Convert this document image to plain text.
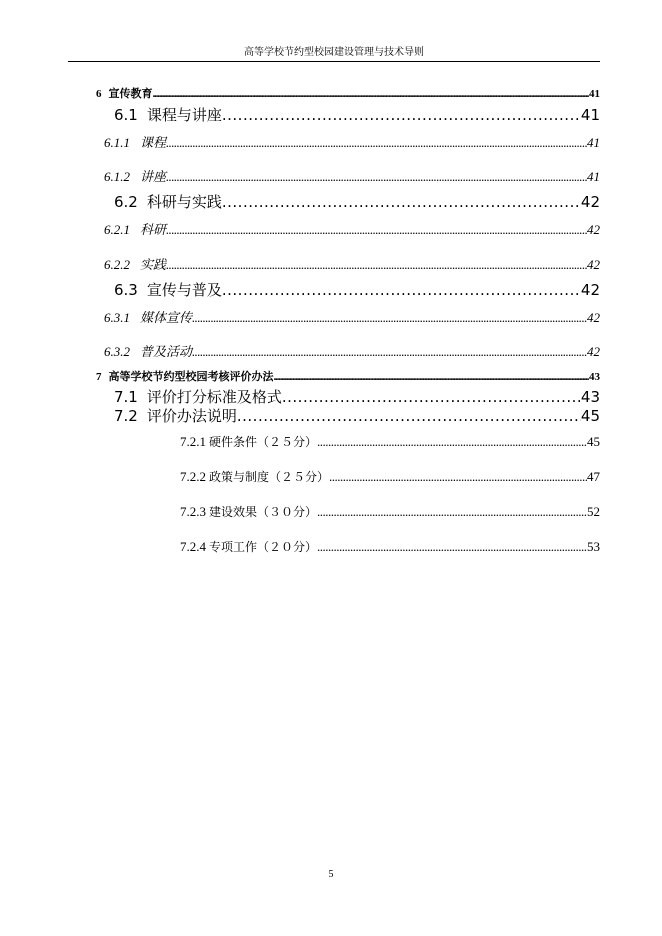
高等学校节约型校园建设管理与技术导则
6 宣传教育 .....	41
6.1 课程与讲座 .....	41
6.1.1 课程 .....	41
6.1.2 讲座 .....	41
6.2 科研与实践 .....	42
6.2.1 科研 .....	42
6.2.2 实践 .....	42
6.3 宣传与普及 .....	42
6.3.1 媒体宣传 .....	42
6.3.2 普及活动 .....	42
7 高等学校节约型校园考核评价办法 .....	43
7.1 评价打分标准及格式 .....	43
7.2 评价办法说明 .....	45
7.2.1 硬件条件（２５分） .....	45
7.2.2 政策与制度（２５分） .....	47
7.2.3 建设效果（３０分） .....	52
7.2.4 专项工作（２０分） .....	53
5
